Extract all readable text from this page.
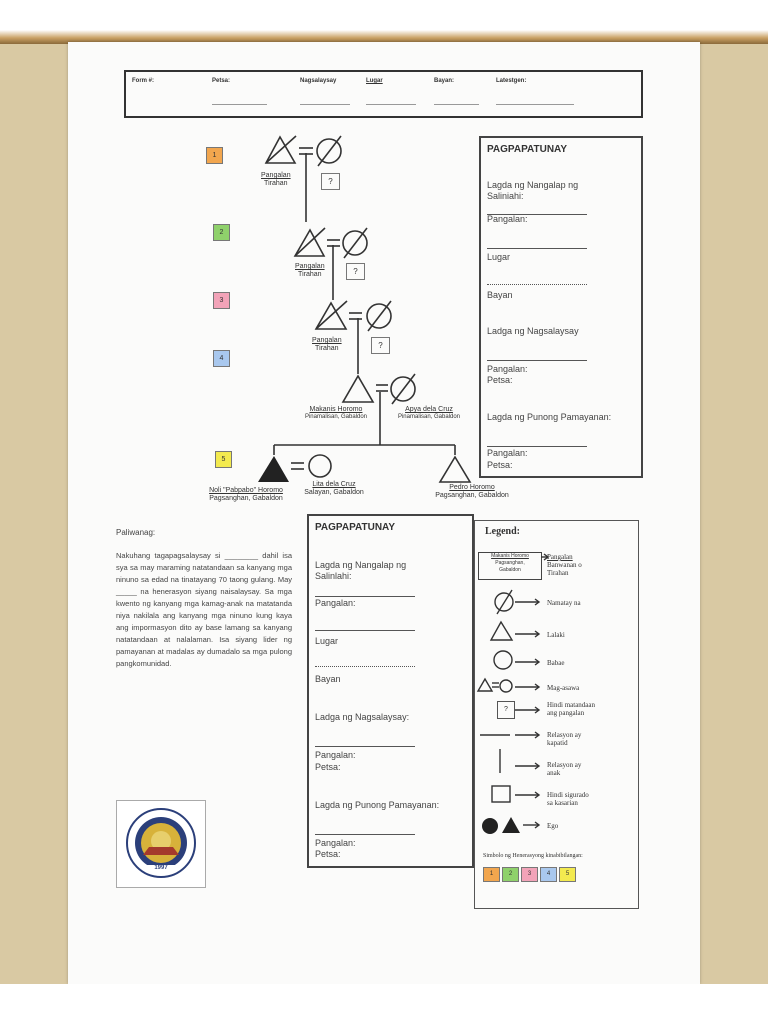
Form #:	Petsa:	Nagsalaysay	Lugar	Bayan:	Latestgen:
1
2
3
4
5
?
?
?
Pangalan
Tirahan
Pangalan
Tirahan
Pangalan
Tirahan
Makanis Horomo
Pinamalisan, Gabaldon
Apya dela Cruz
Pinamalisan, Gabaldon
Noli "Pabpabo" Horomo
Pagsanghan, Gabaldon
Lita dela Cruz
Salayan, Gabaldon
Pedro Horomo
Pagsanghan, Gabaldon
PAGPAPATUNAY
Lagda ng Nangalap ng Saliniahi:
Pangalan:
Lugar
Bayan
Ladga ng Nagsalaysay
Pangalan:
Petsa:
Lagda ng Punong Pamayanan:
Pangalan:
Petsa:
Paliwanag:
Nakuhang tagapagsalaysay si ________ dahil isa sya sa may maraming natatandaan sa kanyang mga ninuno sa edad na tinatayang 70 taong gulang. May _____ na henerasyon siyang naisalaysay. Sa mga kwento ng kanyang mga kamag-anak na matatanda niya nakilala ang kanyang mga ninuno kung kaya ang impormasyon dito ay base lamang sa kanyang natatandaan at nalalaman. Isa siyang lider ng pamayanan at madalas ay dumadalo sa mga pulong pangkomunidad.
PAGPAPATUNAY
Lagda ng Nangalap ng Salinlahi:
Pangalan:
Lugar
Bayan
Ladga ng Nagsalaysay:
Pangalan:
Petsa:
Lagda ng Punong Pamayanan:
Pangalan:
Petsa:
Legend:
Makanis Horomo
Pagsanghan,
Gabaldon
Pangalan
Banwanan o
Tirahan
?
Namatay na
Lalaki
Babae
Mag-asawa
Hindi matandaan
ang pangalan
Relasyon ay
kapatid
Relasyon ay
anak
Hindi sigurado
sa kasarian
Ego
Simbolo ng Henerasyong kinabibilangan:
1	2	3	4	5
1997
